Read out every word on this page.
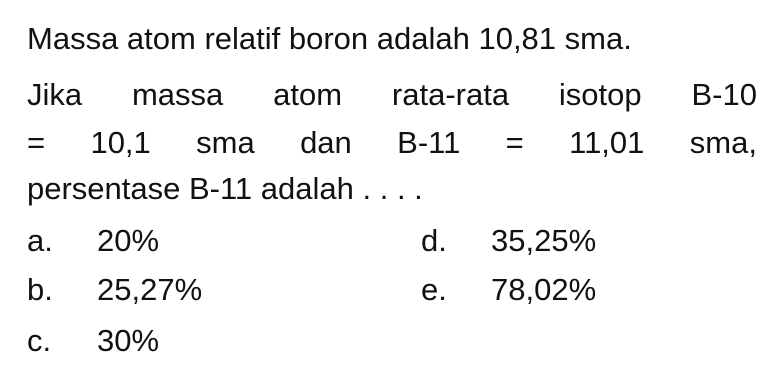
Massa atom relatif boron adalah 10,81 sma.
Jika massa atom rata-rata isotop B-10
= 10,1 sma dan B-11 = 11,01 sma,
persentase B-11 adalah . . . .
a. 20%
b. 25,27%
c. 30%
d. 35,25%
e. 78,02%
